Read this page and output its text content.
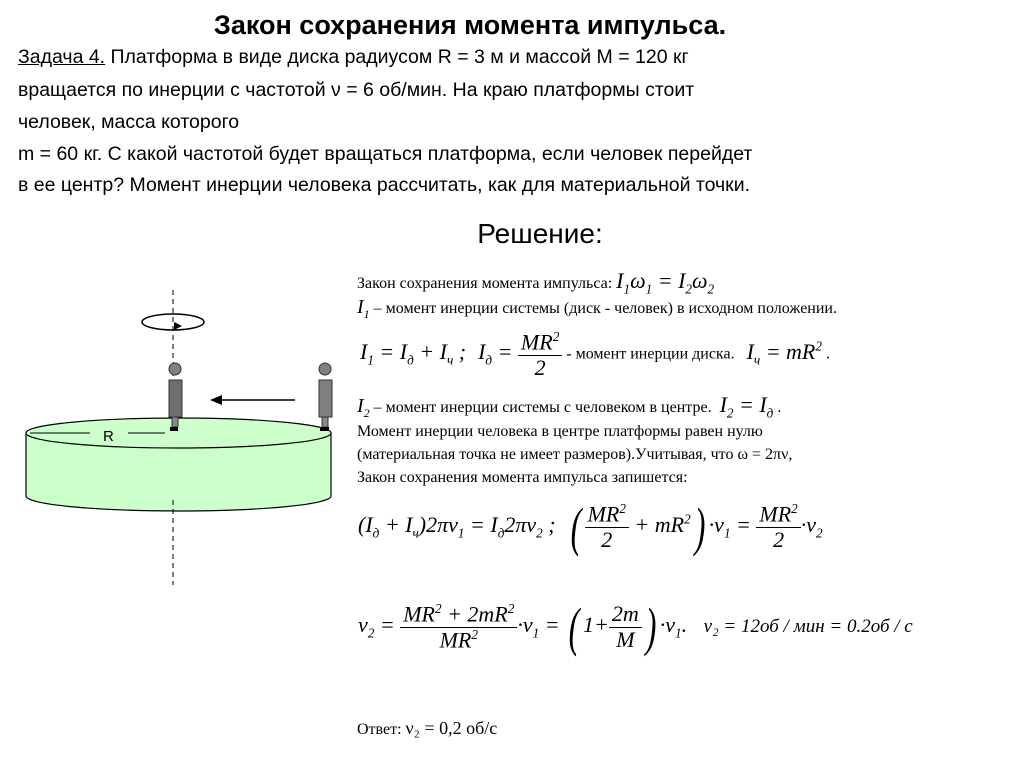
Закон сохранения момента импульса.
Задача 4. Платформа в виде диска радиусом R = 3 м и массой M = 120 кг
вращается по инерции с частотой ν = 6 об/мин. На краю платформы стоит
человек, масса которого
m = 60 кг. С какой частотой будет вращаться платформа, если человек перейдет
в ее центр? Момент инерции человека рассчитать, как для материальной точки.
Решение:
R
Закон сохранения момента импульса: $I_1\omega_1 = I_2\omega_2$
$I_1$ – момент инерции системы (диск - человек) в исходном положении.
$I_1 = I_д + I_ч$ ; $I_д = \frac{MR^2}{2}$ - момент инерции диска. $I_ч = mR^2$ .
$I_2$ – момент инерции системы с человеком в центре. $I_2 = I_д$ .
Момент инерции человека в центре платформы равен нулю
(материальная точка не имеет размеров).Учитывая, что ω = 2πν,
Закон сохранения момента импульса запишется:
$(I_д + I_ч)2\pi\nu_1 = I_д2\pi\nu_2$ ;  ( $\frac{MR^2}{2} + mR^2) \cdot\nu_1 = \frac{MR^2}{2} \cdot\nu_2$
$\nu_2 = \frac{MR^2 + 2mR^2}{MR^2} \cdot\nu_1$ = ( $1+ \frac{2m}{M}$ ) $\cdot\nu_1$.   ν₂ = 12об / мин = 0.2об / с
Ответ: ν₂ = 0,2 об/с
